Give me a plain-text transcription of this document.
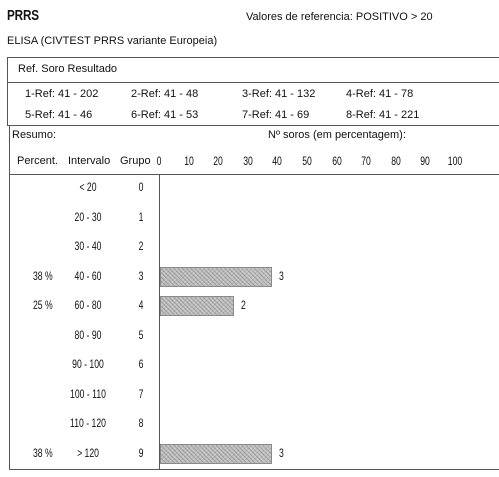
PRRS	Valores de referencia: POSITIVO > 20
ELISA (CIVTEST PRRS variante Europeia)
Ref. Soro Resultado
Resumo:	Nº soros (em percentagem):
Percent. Intervalo Grupo
1-Ref: 41 - 202	2-Ref: 41 - 48	3-Ref: 41 - 132	4-Ref: 41 - 78
5-Ref: 41 - 46	6-Ref: 41 - 53	7-Ref: 41 - 69	8-Ref: 41 - 221
0 10 20 30 40 50 60 70 80 90 100
< 20	0
20 - 30	1
30 - 40	2
38 % 40 - 60	3	3
25 % 60 - 80	4	2
80 - 90	5
90 - 100	6
100 - 110	7
110 - 120	8
38 % > 120	9	3
